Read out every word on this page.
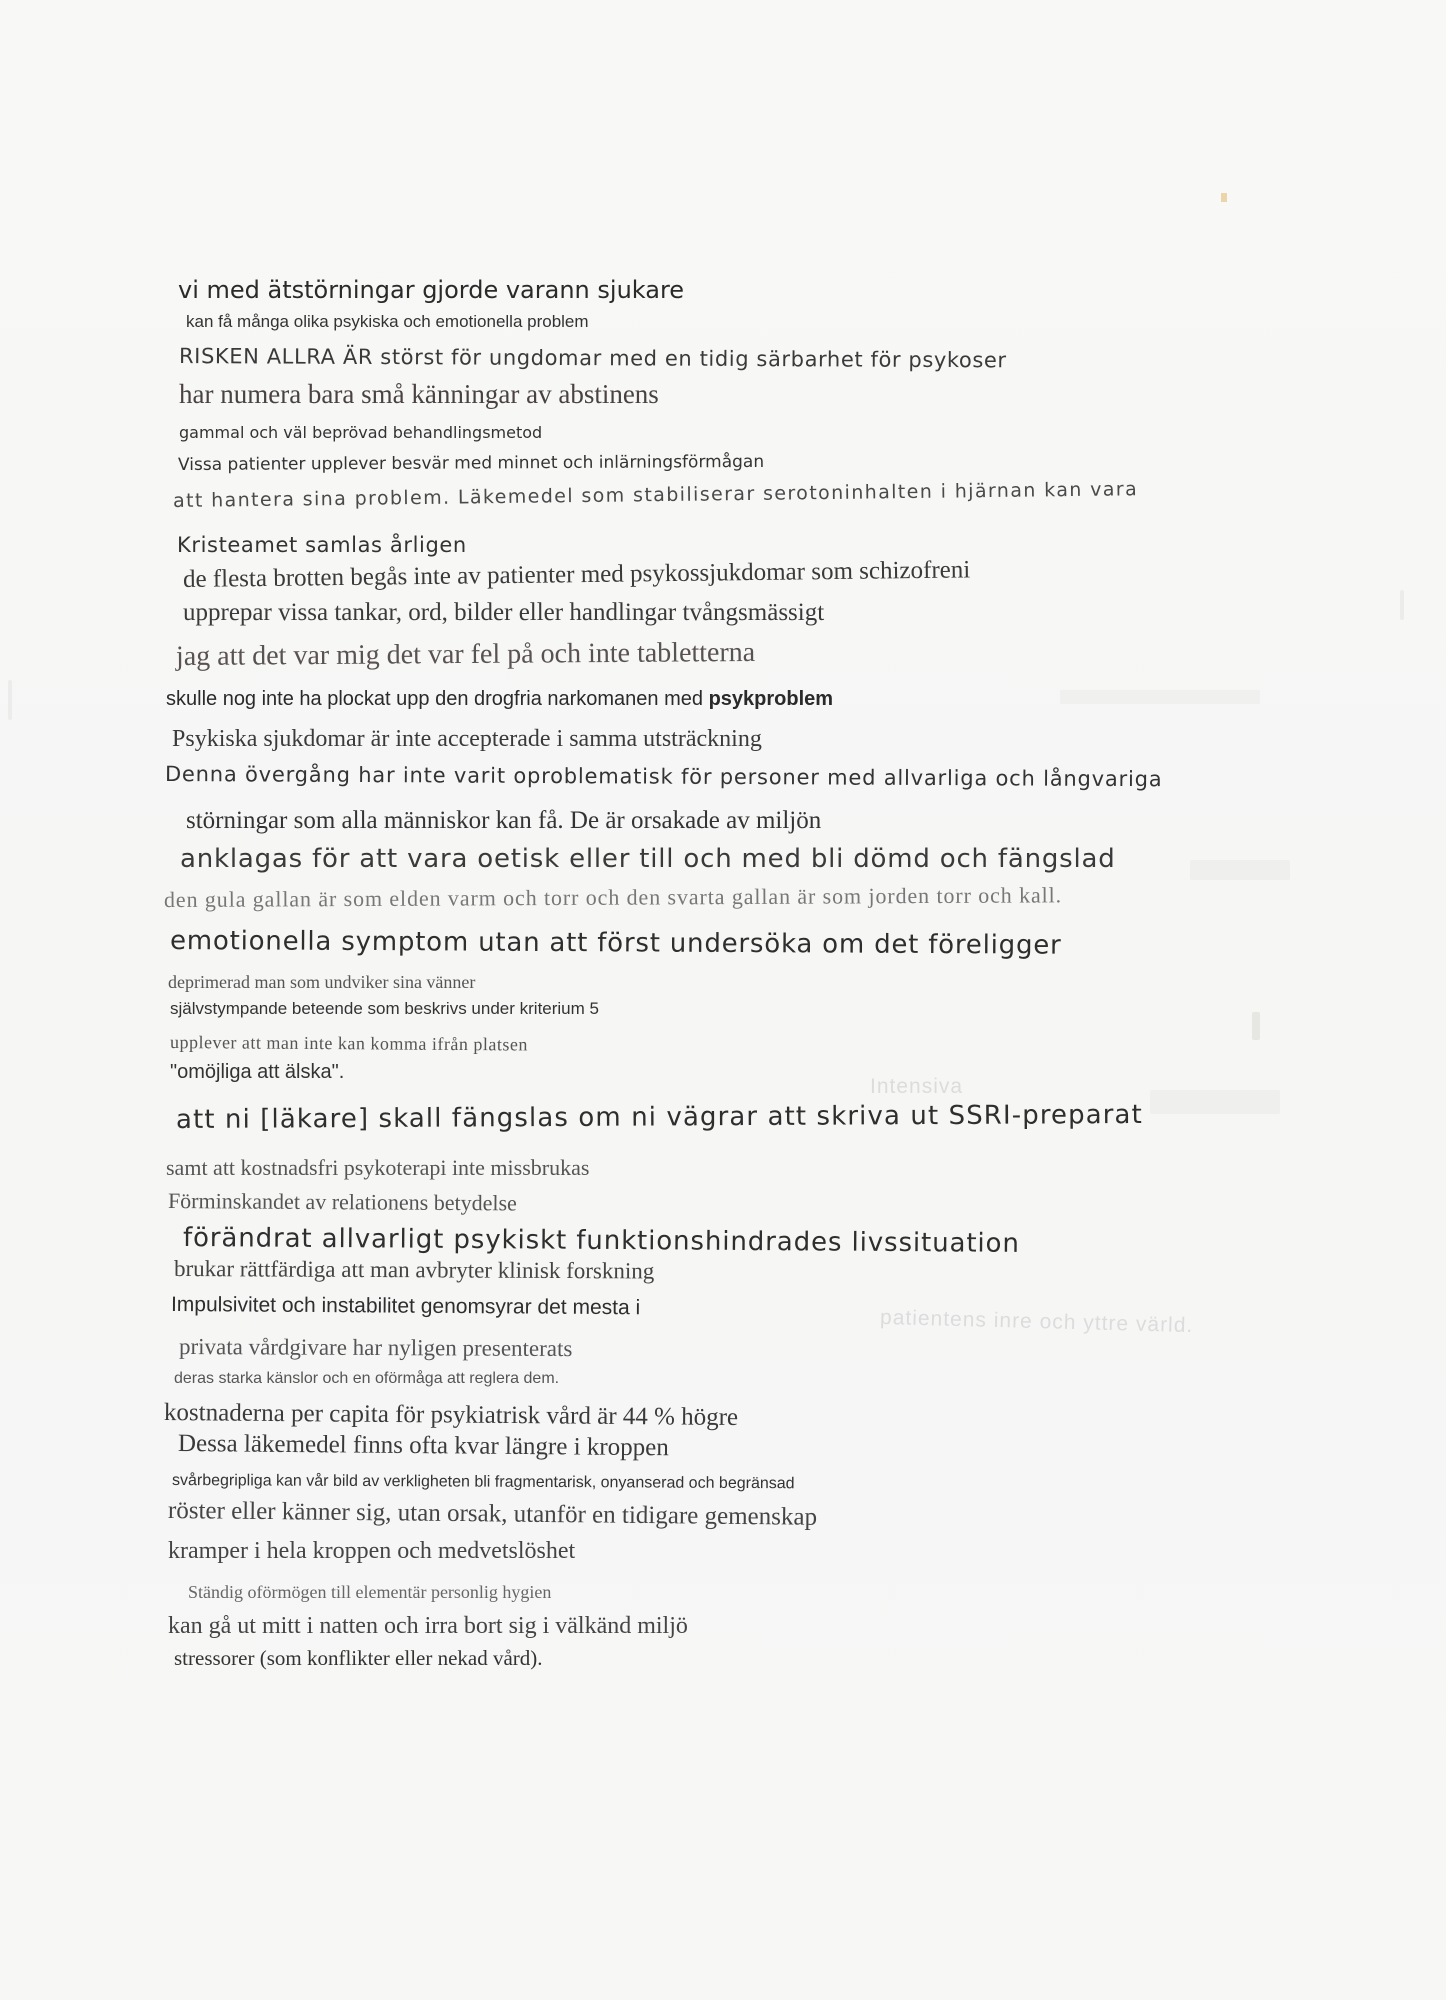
Intensiva
patientens inre och yttre värld.
vi med ätstörningar gjorde varann sjukare
kan få många olika psykiska och emotionella problem
RISKEN ALLRA ÄR störst för ungdomar med en tidig särbarhet för psykoser
har numera bara små känningar av abstinens
gammal och väl beprövad behandlingsmetod
Vissa patienter upplever besvär med minnet och inlärningsförmågan
att hantera sina problem. Läkemedel som stabiliserar serotoninhalten i hjärnan kan vara
Kristeamet samlas årligen
de flesta brotten begås inte av patienter med psykossjukdomar som schizofreni
upprepar vissa tankar, ord, bilder eller handlingar tvångsmässigt
jag att det var mig det var fel på och inte tabletterna
skulle nog inte ha plockat upp den drogfria narkomanen med psykproblem
Psykiska sjukdomar är inte accepterade i samma utsträckning
Denna övergång har inte varit oproblematisk för personer med allvarliga och långvariga
störningar som alla människor kan få. De är orsakade av miljön
anklagas för att vara oetisk eller till och med bli dömd och fängslad
den gula gallan är som elden varm och torr och den svarta gallan är som jorden torr och kall.
emotionella symptom utan att först undersöka om det föreligger
deprimerad man som undviker sina vänner
självstympande beteende som beskrivs under kriterium 5
upplever att man inte kan komma ifrån platsen
"omöjliga att älska".
att ni [läkare] skall fängslas om ni vägrar att skriva ut SSRI-preparat
samt att kostnadsfri psykoterapi inte missbrukas
Förminskandet av relationens betydelse
förändrat allvarligt psykiskt funktionshindrades livssituation
brukar rättfärdiga att man avbryter klinisk forskning
Impulsivitet och instabilitet genomsyrar det mesta i
privata vårdgivare har nyligen presenterats
deras starka känslor och en oförmåga att reglera dem.
kostnaderna per capita för psykiatrisk vård är 44 % högre
Dessa läkemedel finns ofta kvar längre i kroppen
svårbegripliga kan vår bild av verkligheten bli fragmentarisk, onyanserad och begränsad
röster eller känner sig, utan orsak, utanför en tidigare gemenskap
kramper i hela kroppen och medvetslöshet
Ständig oförmögen till elementär personlig hygien
kan gå ut mitt i natten och irra bort sig i välkänd miljö
stressorer (som konflikter eller nekad vård).
